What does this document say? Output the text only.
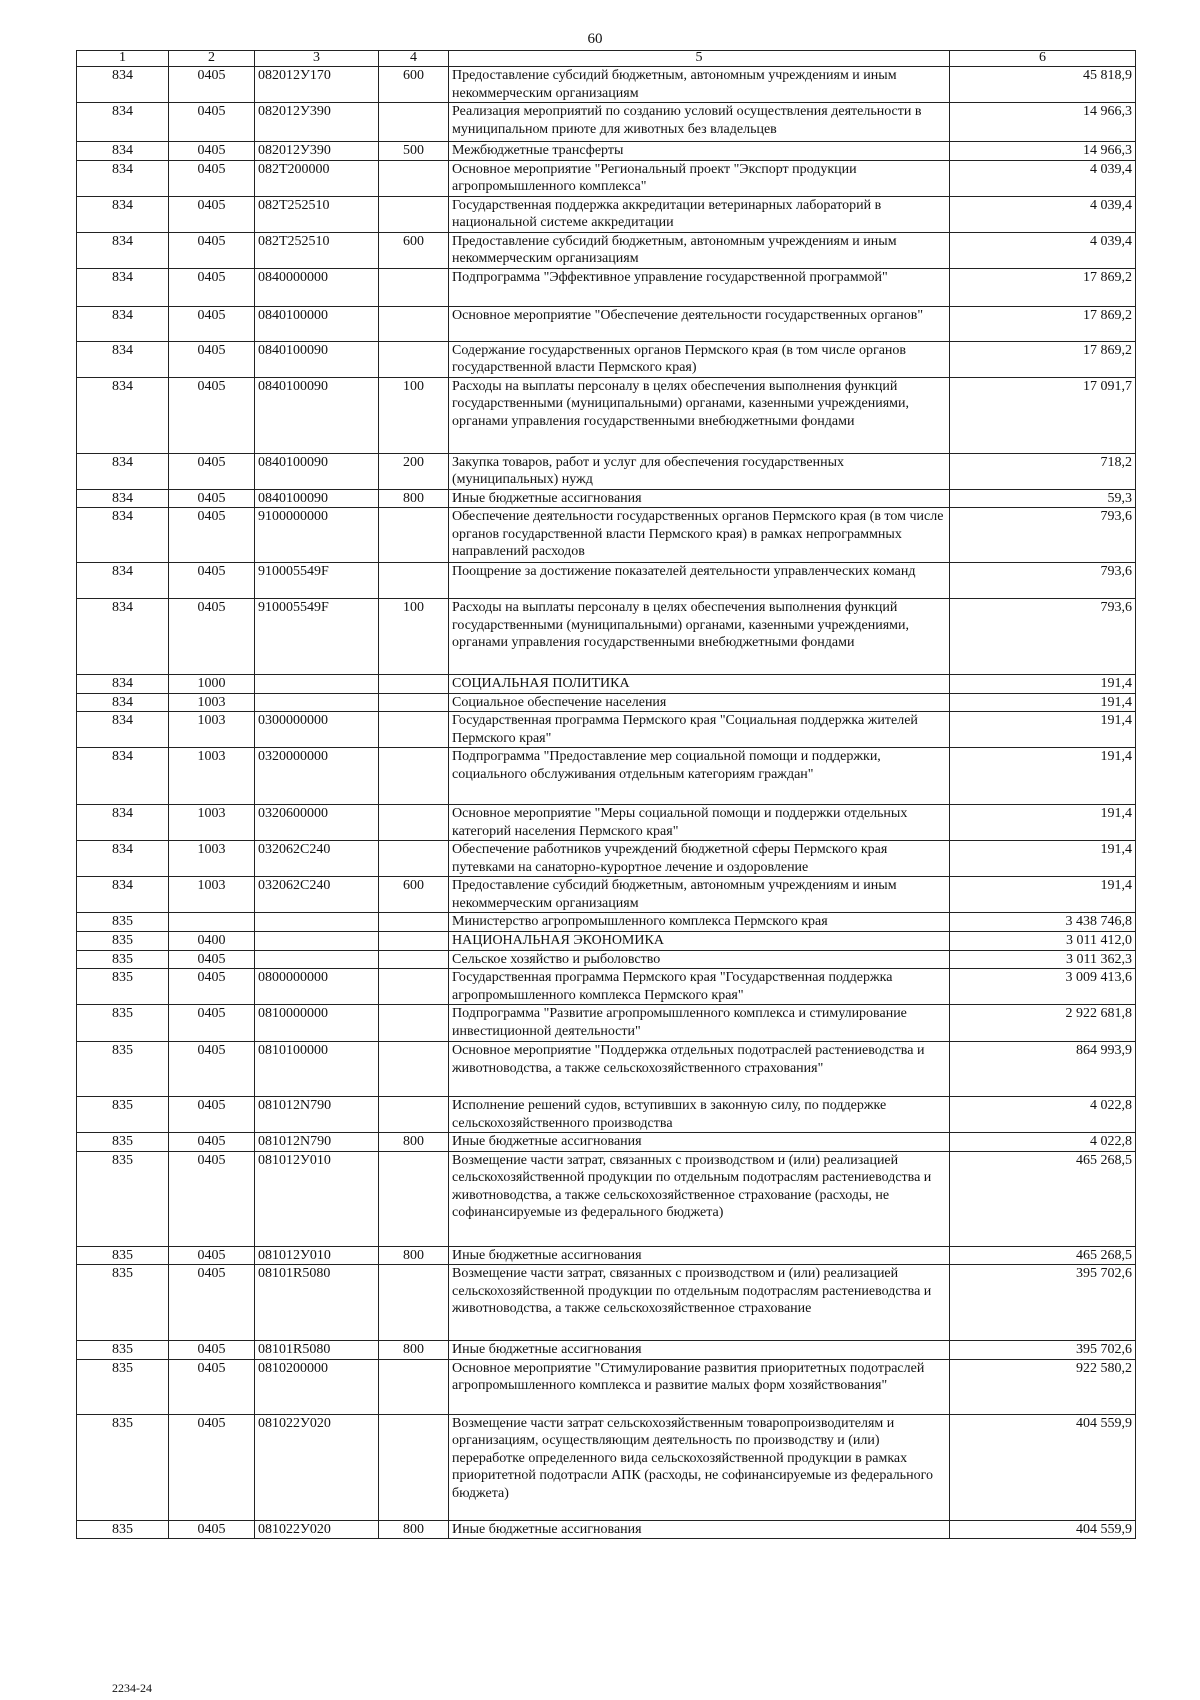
60
1	2	3	4	5	6
834	0405	082012У170	600	Предоставление субсидий бюджетным, автономным учреждениям и иным некоммерческим организациям	45 818,9
834	0405	082012У390		Реализация мероприятий по созданию условий осуществления деятельности в муниципальном приюте для животных без владельцев	14 966,3
834	0405	082012У390	500	Межбюджетные трансферты	14 966,3
834	0405	082Т200000		Основное мероприятие "Региональный проект "Экспорт продукции агропромышленного комплекса"	4 039,4
834	0405	082Т252510		Государственная поддержка аккредитации ветеринарных лабораторий в национальной системе аккредитации	4 039,4
834	0405	082Т252510	600	Предоставление субсидий бюджетным, автономным учреждениям и иным некоммерческим организациям	4 039,4
834	0405	0840000000		Подпрограмма "Эффективное управление государственной программой"	17 869,2
834	0405	0840100000		Основное мероприятие "Обеспечение деятельности государственных органов"	17 869,2
834	0405	0840100090		Содержание государственных органов Пермского края (в том числе органов государственной власти Пермского края)	17 869,2
834	0405	0840100090	100	Расходы на выплаты персоналу в целях обеспечения выполнения функций государственными (муниципальными) органами, казенными учреждениями, органами управления государственными внебюджетными фондами	17 091,7
834	0405	0840100090	200	Закупка товаров, работ и услуг для обеспечения государственных (муниципальных) нужд	718,2
834	0405	0840100090	800	Иные бюджетные ассигнования	59,3
834	0405	9100000000		Обеспечение деятельности государственных органов Пермского края (в том числе органов государственной власти Пермского края) в рамках непрограммных направлений расходов	793,6
834	0405	910005549F		Поощрение за достижение показателей деятельности управленческих команд	793,6
834	0405	910005549F	100	Расходы на выплаты персоналу в целях обеспечения выполнения функций государственными (муниципальными) органами, казенными учреждениями, органами управления государственными внебюджетными фондами	793,6
834	1000			СОЦИАЛЬНАЯ ПОЛИТИКА	191,4
834	1003			Социальное обеспечение населения	191,4
834	1003	0300000000		Государственная программа Пермского края "Социальная поддержка жителей Пермского края"	191,4
834	1003	0320000000		Подпрограмма "Предоставление мер социальной помощи и поддержки, социального обслуживания отдельным категориям граждан"	191,4
834	1003	0320600000		Основное мероприятие "Меры социальной помощи и поддержки отдельных категорий населения Пермского края"	191,4
834	1003	032062С240		Обеспечение работников учреждений бюджетной сферы Пермского края путевками на санаторно-курортное лечение и оздоровление	191,4
834	1003	032062С240	600	Предоставление субсидий бюджетным, автономным учреждениям и иным некоммерческим организациям	191,4
835				Министерство агропромышленного комплекса Пермского края	3 438 746,8
835	0400			НАЦИОНАЛЬНАЯ ЭКОНОМИКА	3 011 412,0
835	0405			Сельское хозяйство и рыболовство	3 011 362,3
835	0405	0800000000		Государственная программа Пермского края "Государственная поддержка агропромышленного комплекса Пермского края"	3 009 413,6
835	0405	0810000000		Подпрограмма "Развитие агропромышленного комплекса и стимулирование инвестиционной деятельности"	2 922 681,8
835	0405	0810100000		Основное мероприятие "Поддержка отдельных подотраслей растениеводства и животноводства, а также сельскохозяйственного страхования"	864 993,9
835	0405	081012N790		Исполнение решений судов, вступивших в законную силу, по поддержке сельскохозяйственного производства	4 022,8
835	0405	081012N790	800	Иные бюджетные ассигнования	4 022,8
835	0405	081012У010		Возмещение части затрат, связанных с производством и (или) реализацией сельскохозяйственной продукции по отдельным подотраслям растениеводства и животноводства, а также сельскохозяйственное страхование (расходы, не софинансируемые из федерального бюджета)	465 268,5
835	0405	081012У010	800	Иные бюджетные ассигнования	465 268,5
835	0405	08101R5080		Возмещение части затрат, связанных с производством и (или) реализацией сельскохозяйственной продукции по отдельным подотраслям растениеводства и животноводства, а также сельскохозяйственное страхование	395 702,6
835	0405	08101R5080	800	Иные бюджетные ассигнования	395 702,6
835	0405	0810200000		Основное мероприятие "Стимулирование развития приоритетных подотраслей агропромышленного комплекса и развитие малых форм хозяйствования"	922 580,2
835	0405	081022У020		Возмещение части затрат сельскохозяйственным товаропроизводителям и организациям, осуществляющим деятельность по производству и (или) переработке определенного вида сельскохозяйственной продукции в рамках приоритетной подотрасли АПК (расходы, не софинансируемые из федерального бюджета)	404 559,9
835	0405	081022У020	800	Иные бюджетные ассигнования	404 559,9
2234-24
